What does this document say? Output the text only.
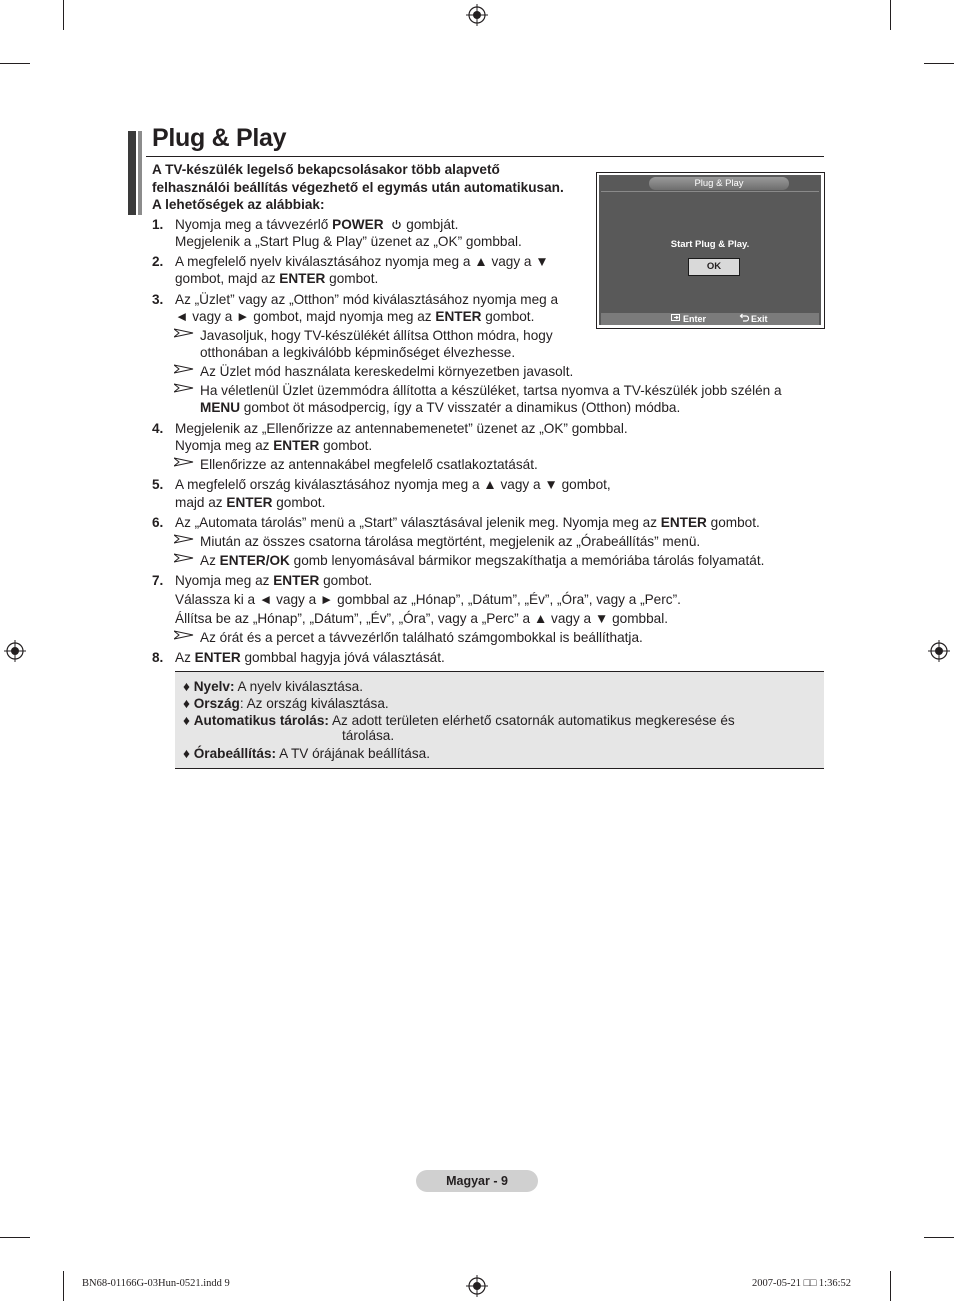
Plug & Play
A TV-készülék legelső bekapcsolásakor több alapvető felhasználói beállítás végezhető el egymás után automatikusan. A lehetőségek az alábbiak:
Plug & Play
Start Plug & Play.
OK
Enter	Exit
1. Nyomja meg a távvezérlő POWER gombját.
Megjelenik a „Start Plug & Play” üzenet az „OK” gombbal.
2. A megfelelő nyelv kiválasztásához nyomja meg a ▲ vagy a ▼
gombot, majd az ENTER gombot.
3. Az „Üzlet” vagy az „Otthon” mód kiválasztásához nyomja meg a
◄ vagy a ► gombot, majd nyomja meg az ENTER gombot.
Javasoljuk, hogy TV-készülékét állítsa Otthon módra, hogy
otthonában a legkiválóbb képminőséget élvezhesse.
Az Üzlet mód használata kereskedelmi környezetben javasolt.
Ha véletlenül Üzlet üzemmódra állította a készüléket, tartsa nyomva a TV-készülék jobb szélén a
MENU gombot öt másodpercig, így a TV visszatér a dinamikus (Otthon) módba.
4. Megjelenik az „Ellenőrizze az antennabemenetet” üzenet az „OK” gombbal.
Nyomja meg az ENTER gombot.
Ellenőrizze az antennakábel megfelelő csatlakoztatását.
5. A megfelelő ország kiválasztásához nyomja meg a ▲ vagy a ▼ gombot,
majd az ENTER gombot.
6. Az „Automata tárolás” menü a „Start” választásával jelenik meg. Nyomja meg az ENTER gombot.
Miután az összes csatorna tárolása megtörtént, megjelenik az „Órabeállítás” menü.
Az ENTER/OK gomb lenyomásával bármikor megszakíthatja a memóriába tárolás folyamatát.
7. Nyomja meg az ENTER gombot.
Válassza ki a ◄ vagy a ► gombbal az „Hónap”, „Dátum”, „Év”, „Óra”, vagy a „Perc”.
Állítsa be az „Hónap”, „Dátum”, „Év”, „Óra”, vagy a „Perc” a ▲ vagy a ▼ gombbal.
Az órát és a percet a távvezérlőn található számgombokkal is beállíthatja.
8. Az ENTER gombbal hagyja jóvá választását.
♦ Nyelv: A nyelv kiválasztása.
♦ Ország: Az ország kiválasztása.
♦ Automatikus tárolás: Az adott területen elérhető csatornák automatikus megkeresése és
tárolása.
♦ Órabeállítás: A TV órájának beállítása.
Magyar - 9
BN68-01166G-03Hun-0521.indd 9	2007-05-21 □□ 1:36:52
